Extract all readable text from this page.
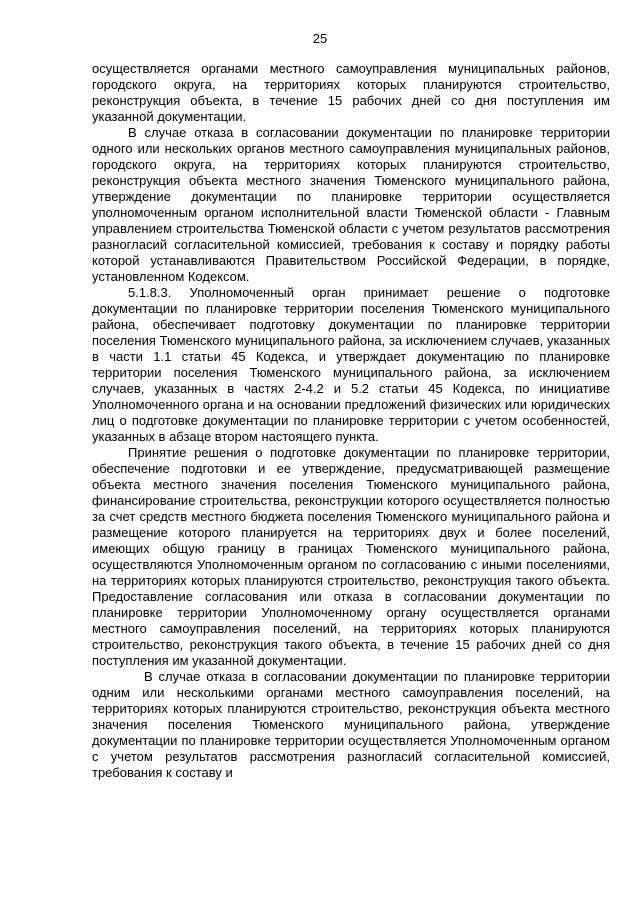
25

осуществляется органами местного самоуправления муниципальных районов, городского округа, на территориях которых планируются строительство, реконструкция объекта, в течение 15 рабочих дней со дня поступления им указанной документации.

В случае отказа в согласовании документации по планировке территории одного или нескольких органов местного самоуправления муниципальных районов, городского округа, на территориях которых планируются строительство, реконструкция объекта местного значения Тюменского муниципального района, утверждение документации по планировке территории осуществляется уполномоченным органом исполнительной власти Тюменской области - Главным управлением строительства Тюменской области с учетом результатов рассмотрения разногласий согласительной комиссией, требования к составу и порядку работы которой устанавливаются Правительством Российской Федерации, в порядке, установленном Кодексом.

5.1.8.3. Уполномоченный орган принимает решение о подготовке документации по планировке территории поселения Тюменского муниципального района, обеспечивает подготовку документации по планировке территории поселения Тюменского муниципального района, за исключением случаев, указанных в части 1.1 статьи 45 Кодекса, и утверждает документацию по планировке территории поселения Тюменского муниципального района, за исключением случаев, указанных в частях 2-4.2 и 5.2 статьи 45 Кодекса, по инициативе Уполномоченного органа и на основании предложений физических или юридических лиц о подготовке документации по планировке территории с учетом особенностей, указанных в абзаце втором настоящего пункта.

Принятие решения о подготовке документации по планировке территории, обеспечение подготовки и ее утверждение, предусматривающей размещение объекта местного значения поселения Тюменского муниципального района, финансирование строительства, реконструкции которого осуществляется полностью за счет средств местного бюджета поселения Тюменского муниципального района и размещение которого планируется на территориях двух и более поселений, имеющих общую границу в границах Тюменского муниципального района, осуществляются Уполномоченным органом по согласованию с иными поселениями, на территориях которых планируются строительство, реконструкция такого объекта. Предоставление согласования или отказа в согласовании документации по планировке территории Уполномоченному органу осуществляется органами местного самоуправления поселений, на территориях которых планируются строительство, реконструкция такого объекта, в течение 15 рабочих дней со дня поступления им указанной документации.

В случае отказа в согласовании документации по планировке территории одним или несколькими органами местного самоуправления поселений, на территориях которых планируются строительство, реконструкция объекта местного значения поселения Тюменского муниципального района, утверждение документации по планировке территории осуществляется Уполномоченным органом с учетом результатов рассмотрения разногласий согласительной комиссией, требования к составу и
